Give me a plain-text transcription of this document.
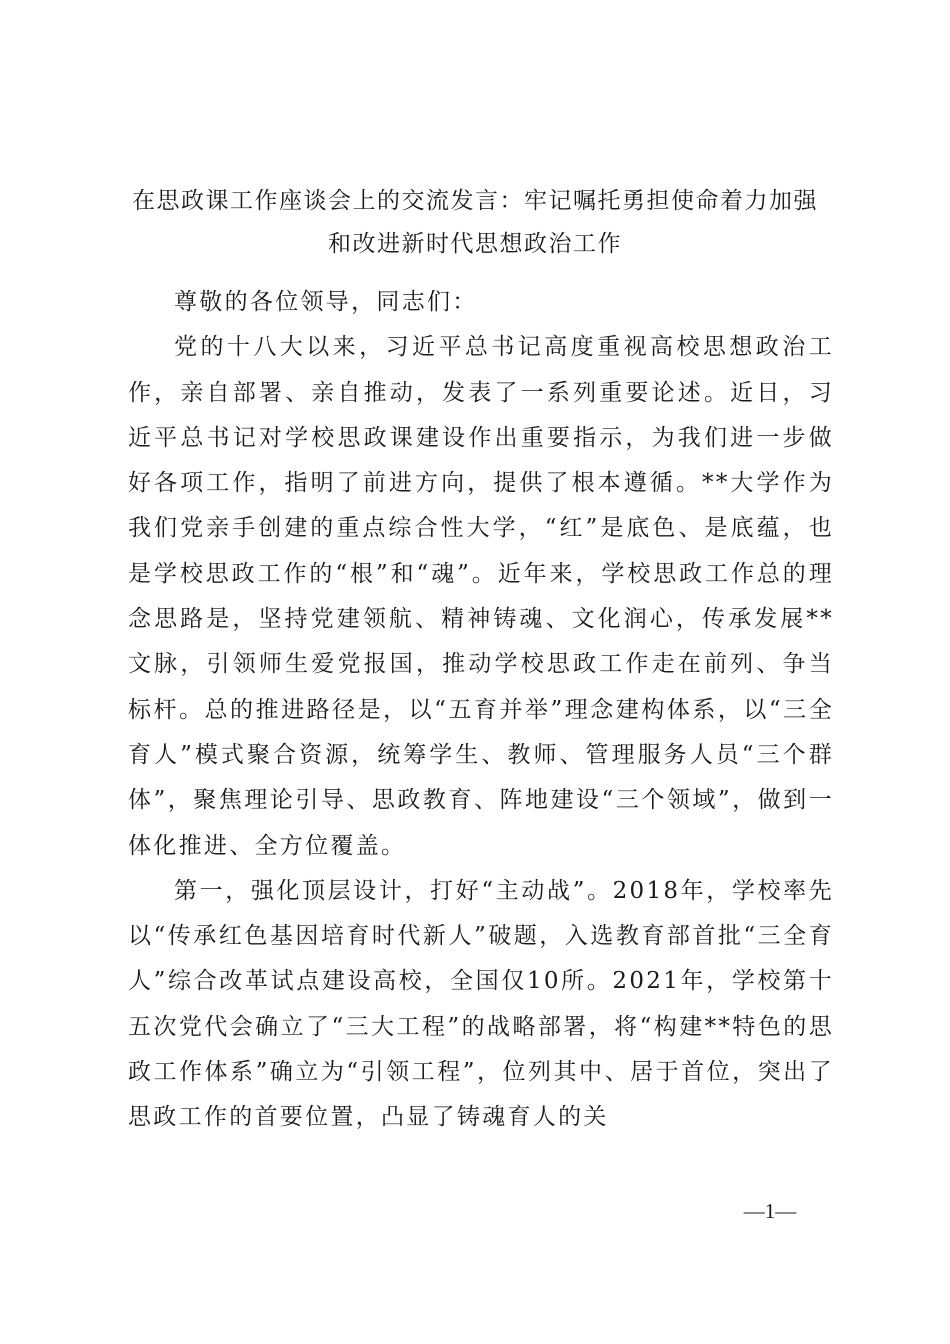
在思政课工作座谈会上的交流发言：牢记嘱托勇担使命着力加强和改进新时代思想政治工作

尊敬的各位领导，同志们：

党的十八大以来，习近平总书记高度重视高校思想政治工作，亲自部署、亲自推动，发表了一系列重要论述。近日，习近平总书记对学校思政课建设作出重要指示，为我们进一步做好各项工作，指明了前进方向，提供了根本遵循。**大学作为我们党亲手创建的重点综合性大学，“红”是底色、是底蕴，也是学校思政工作的“根”和“魂”。近年来，学校思政工作总的理念思路是，坚持党建领航、精神铸魂、文化润心，传承发展**文脉，引领师生爱党报国，推动学校思政工作走在前列、争当标杆。总的推进路径是，以“五育并举”理念建构体系，以“三全育人”模式聚合资源，统筹学生、教师、管理服务人员“三个群体”，聚焦理论引导、思政教育、阵地建设“三个领域”，做到一体化推进、全方位覆盖。

第一，强化顶层设计，打好“主动战”。2018年，学校率先以“传承红色基因培育时代新人”破题，入选教育部首批“三全育人”综合改革试点建设高校，全国仅10所。2021年，学校第十五次党代会确立了“三大工程”的战略部署，将“构建**特色的思政工作体系”确立为“引领工程”，位列其中、居于首位，突出了思政工作的首要位置，凸显了铸魂育人的关

—1—
